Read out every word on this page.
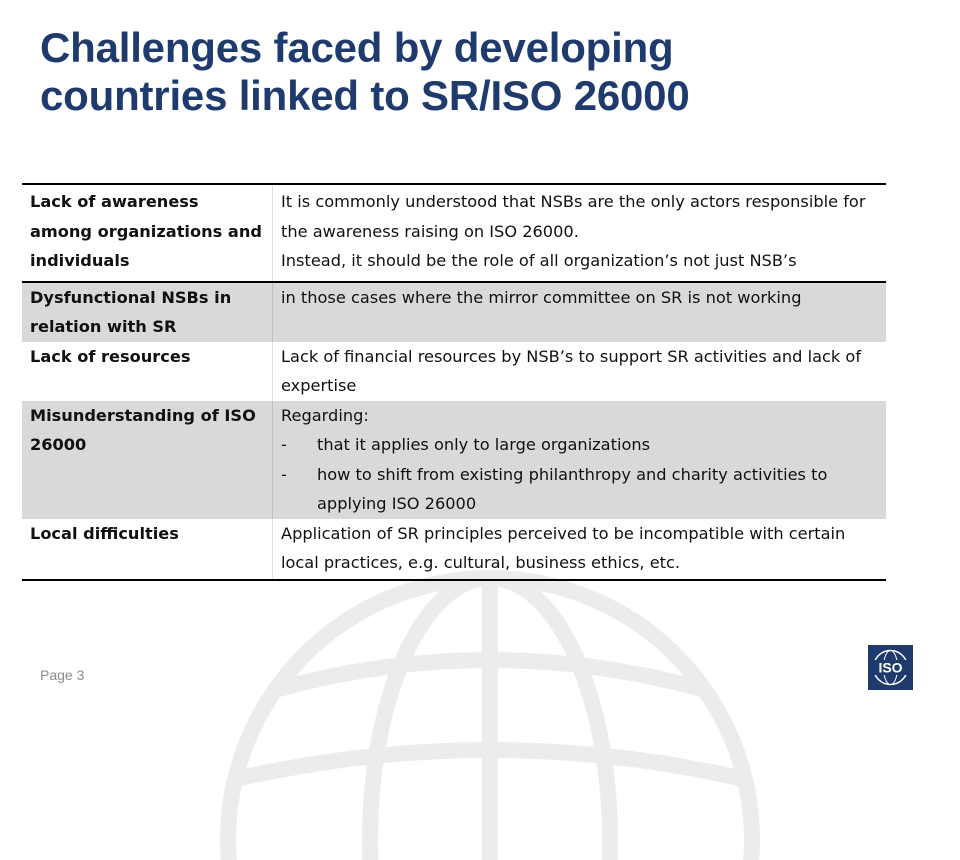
Challenges faced by developing
countries linked to SR/ISO 26000
Lack of awareness among organizations and individuals	It is commonly understood that NSBs are the only actors responsible for the awareness raising on ISO 26000.
Instead, it should be the role of all organization’s not just NSB’s

Dysfunctional NSBs in relation with SR	in those cases where the mirror committee on SR is not working
Lack of resources	Lack of financial resources by NSB’s to support SR activities and lack of expertise
Misunderstanding of ISO 26000	Regarding:
- that it applies only to large organizations
- how to shift from existing philanthropy and charity activities to applying ISO 26000

Local difficulties	Application of SR principles perceived to be incompatible with certain local practices, e.g. cultural, business ethics, etc.
Page 3	ISO
